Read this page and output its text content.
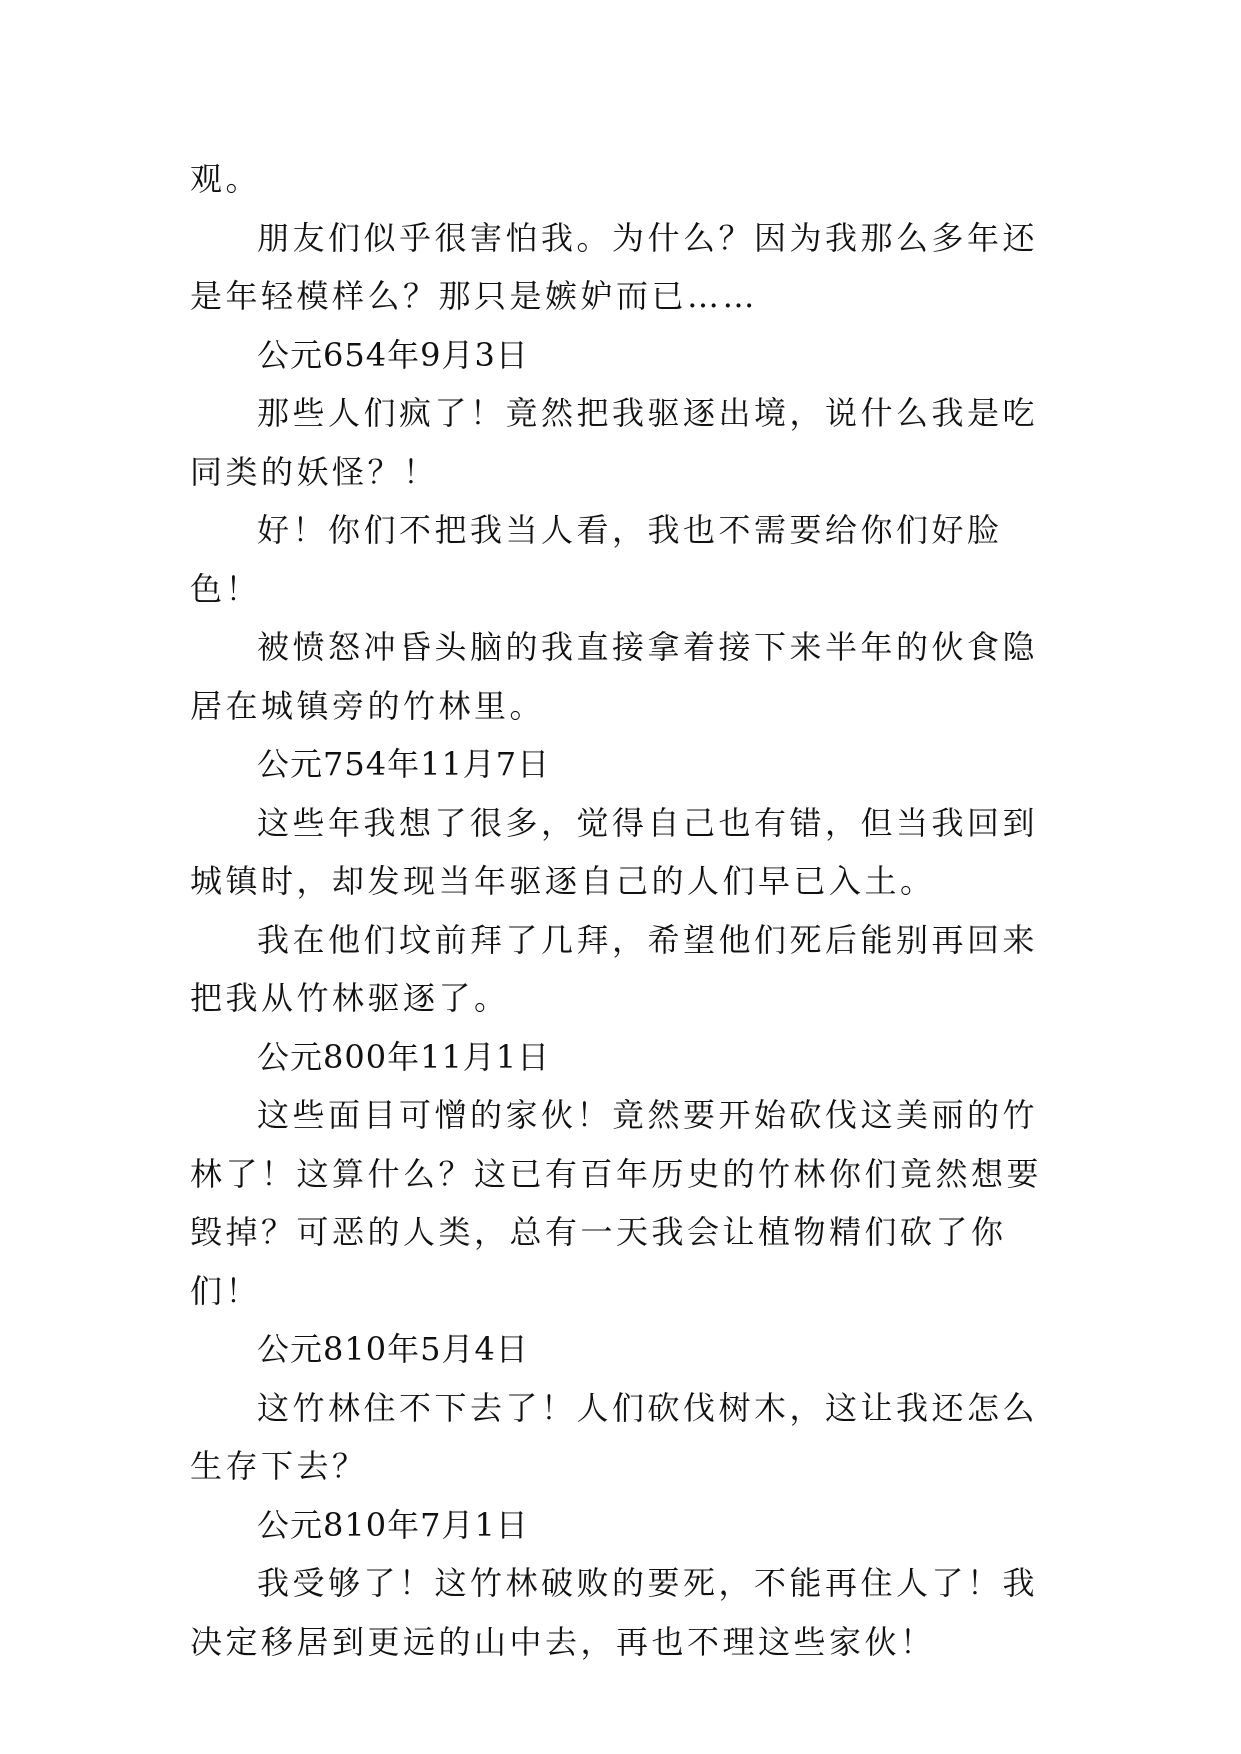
观。

朋友们似乎很害怕我。为什么？因为我那么多年还是年轻模样么？那只是嫉妒而已……

公元654年9月3日

那些人们疯了！竟然把我驱逐出境，说什么我是吃同类的妖怪？！

好！你们不把我当人看，我也不需要给你们好脸色！

被愤怒冲昏头脑的我直接拿着接下来半年的伙食隐居在城镇旁的竹林里。

公元754年11月7日

这些年我想了很多，觉得自己也有错，但当我回到城镇时，却发现当年驱逐自己的人们早已入土。

我在他们坟前拜了几拜，希望他们死后能别再回来把我从竹林驱逐了。

公元800年11月1日

这些面目可憎的家伙！竟然要开始砍伐这美丽的竹林了！这算什么？这已有百年历史的竹林你们竟然想要毁掉？可恶的人类，总有一天我会让植物精们砍了你们！

公元810年5月4日

这竹林住不下去了！人们砍伐树木，这让我还怎么生存下去？

公元810年7月1日

我受够了！这竹林破败的要死，不能再住人了！我决定移居到更远的山中去，再也不理这些家伙！
